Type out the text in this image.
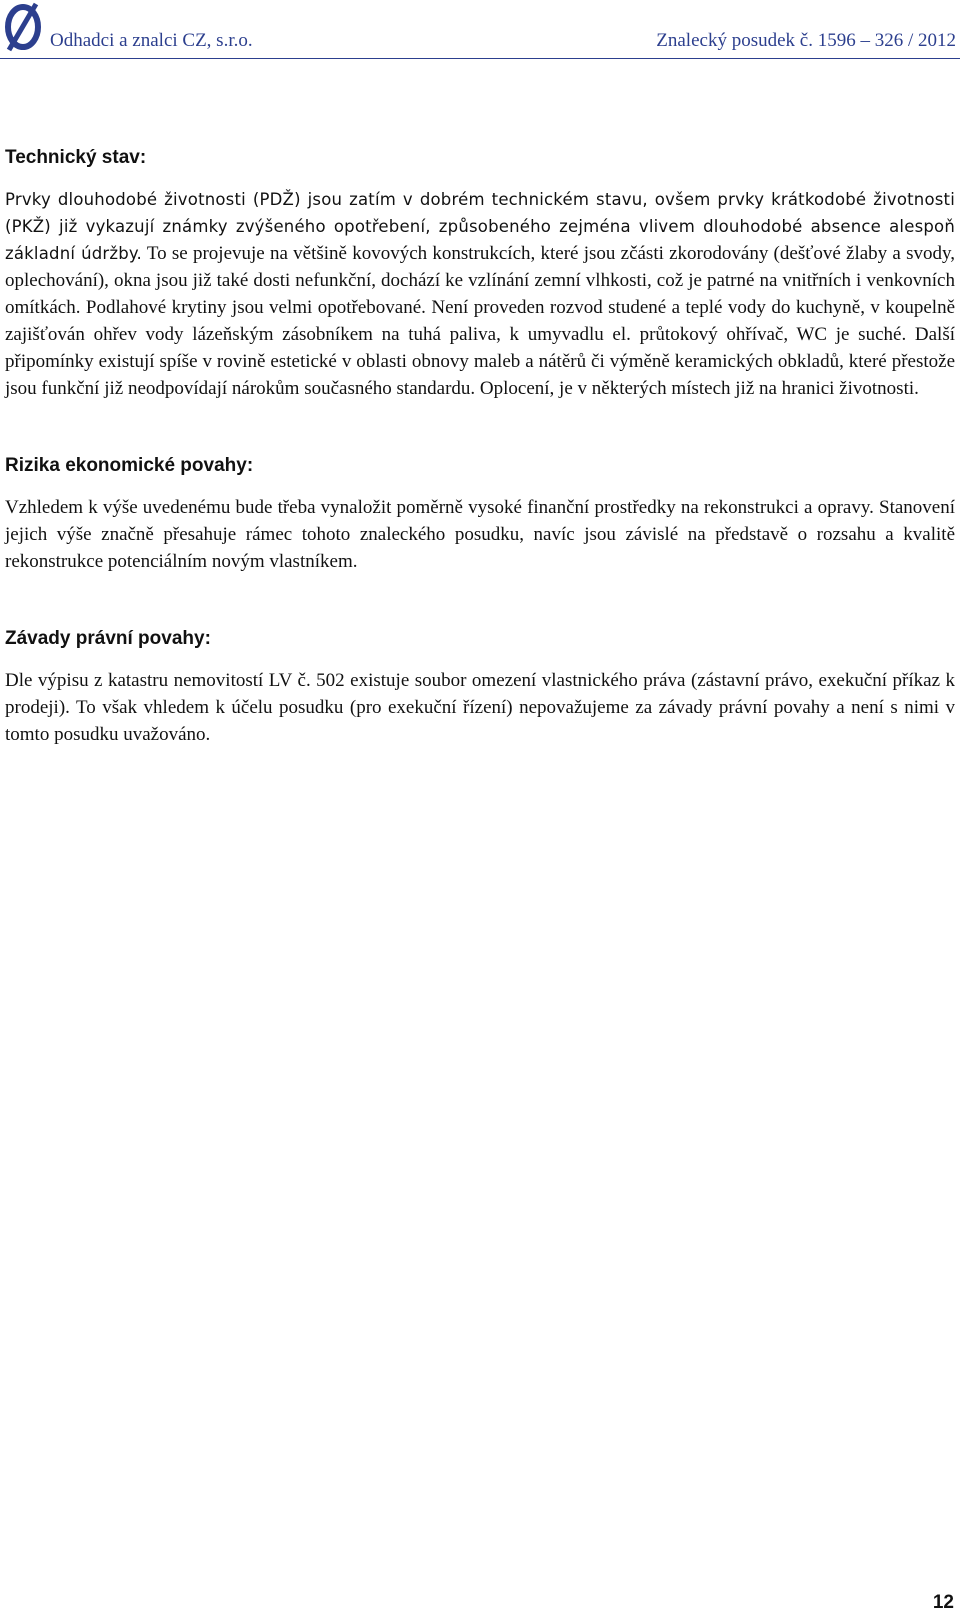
Odhadci a znalci CZ, s.r.o.	Znalecký posudek č. 1596 – 326 / 2012
Technický stav:

Prvky dlouhodobé životnosti (PDŽ) jsou zatím v dobrém technickém stavu, ovšem prvky krátkodobé životnosti (PKŽ) již vykazují známky zvýšeného opotřebení, způsobeného zejména vlivem dlouhodobé absence alespoň základní údržby. To se projevuje na většině kovových konstrukcích, které jsou zčásti zkorodovány (dešťové žlaby a svody, oplechování), okna jsou již také dosti nefunkční, dochází ke vzlínání zemní vlhkosti, což je patrné na vnitřních i venkovních omítkách. Podlahové krytiny jsou velmi opotřebované. Není proveden rozvod studené a teplé vody do kuchyně, v koupelně zajišťován ohřev vody lázeňským zásobníkem na tuhá paliva, k umyvadlu el. průtokový ohřívač, WC je suché. Další připomínky existují spíše v rovině estetické v oblasti obnovy maleb a nátěrů či výměně keramických obkladů, které přestože jsou funkční již neodpovídají nárokům současného standardu. Oplocení, je v některých místech již na hranici životnosti.

Rizika ekonomické povahy:

Vzhledem k výše uvedenému bude třeba vynaložit poměrně vysoké finanční prostředky na rekonstrukci a opravy. Stanovení jejich výše značně přesahuje rámec tohoto znaleckého posudku, navíc jsou závislé na představě o rozsahu a kvalitě rekonstrukce potenciálním novým vlastníkem.

Závady právní povahy:

Dle výpisu z katastru nemovitostí LV č. 502 existuje soubor omezení vlastnického práva (zástavní právo, exekuční příkaz k prodeji). To však vhledem k účelu posudku (pro exekuční řízení) nepovažujeme za závady právní povahy a není s nimi v tomto posudku uvažováno.

12
